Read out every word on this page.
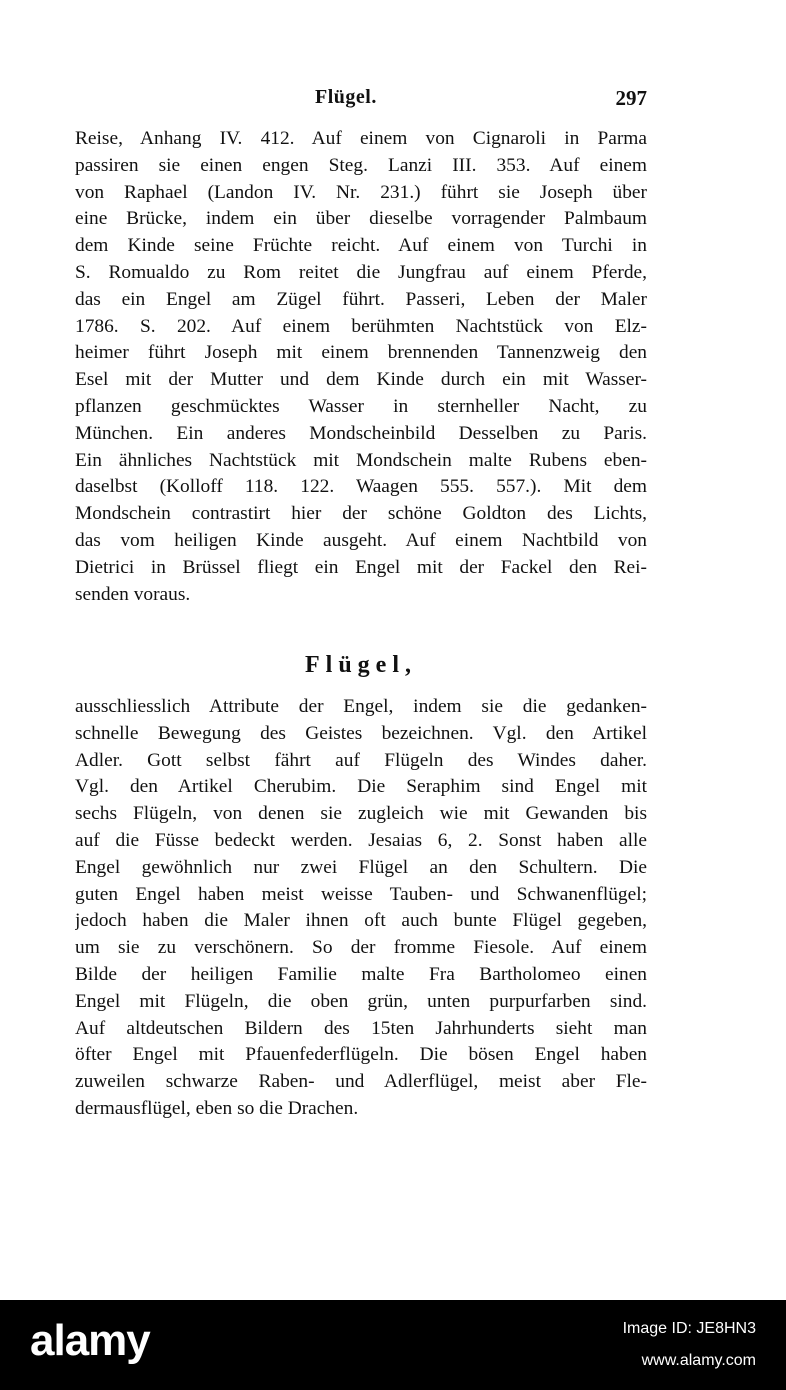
Flügel.	297
Reise, Anhang IV. 412. Auf einem von Cignaroli in Parma
passiren sie einen engen Steg. Lanzi III. 353. Auf einem
von Raphael (Landon IV. Nr. 231.) führt sie Joseph über
eine Brücke, indem ein über dieselbe vorragender Palmbaum
dem Kinde seine Früchte reicht. Auf einem von Turchi in
S. Romualdo zu Rom reitet die Jungfrau auf einem Pferde,
das ein Engel am Zügel führt. Passeri, Leben der Maler
1786. S. 202. Auf einem berühmten Nachtstück von Elz-
heimer führt Joseph mit einem brennenden Tannenzweig den
Esel mit der Mutter und dem Kinde durch ein mit Wasser-
pflanzen geschmücktes Wasser in sternheller Nacht, zu
München. Ein anderes Mondscheinbild Desselben zu Paris.
Ein ähnliches Nachtstück mit Mondschein malte Rubens eben-
daselbst (Kolloff 118. 122. Waagen 555. 557.). Mit dem
Mondschein contrastirt hier der schöne Goldton des Lichts,
das vom heiligen Kinde ausgeht. Auf einem Nachtbild von
Dietrici in Brüssel fliegt ein Engel mit der Fackel den Rei-
senden voraus.
Flügel,
ausschliesslich Attribute der Engel, indem sie die gedanken-
schnelle Bewegung des Geistes bezeichnen. Vgl. den Artikel
Adler. Gott selbst fährt auf Flügeln des Windes daher.
Vgl. den Artikel Cherubim. Die Seraphim sind Engel mit
sechs Flügeln, von denen sie zugleich wie mit Gewanden bis
auf die Füsse bedeckt werden. Jesaias 6, 2. Sonst haben alle
Engel gewöhnlich nur zwei Flügel an den Schultern. Die
guten Engel haben meist weisse Tauben- und Schwanenflügel;
jedoch haben die Maler ihnen oft auch bunte Flügel gegeben,
um sie zu verschönern. So der fromme Fiesole. Auf einem
Bilde der heiligen Familie malte Fra Bartholomeo einen
Engel mit Flügeln, die oben grün, unten purpurfarben sind.
Auf altdeutschen Bildern des 15ten Jahrhunderts sieht man
öfter Engel mit Pfauenfederflügeln. Die bösen Engel haben
zuweilen schwarze Raben- und Adlerflügel, meist aber Fle-
dermausflügel, eben so die Drachen.
alamy	Image ID: JE8HN3
www.alamy.com
